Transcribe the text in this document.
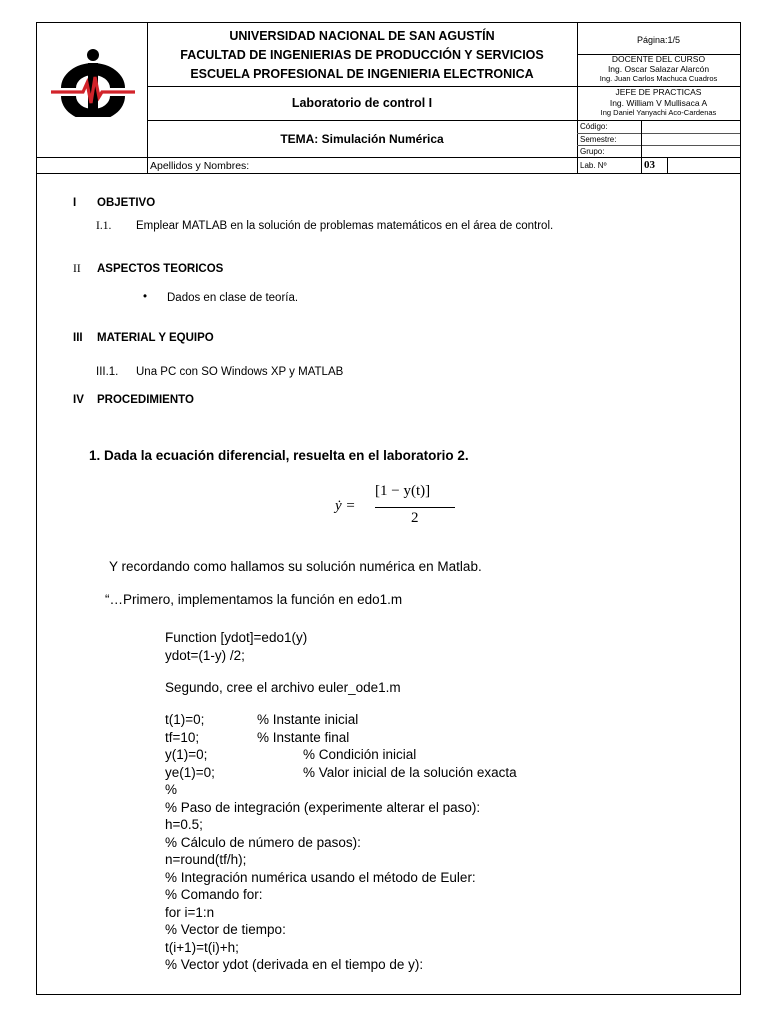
UNIVERSIDAD NACIONAL DE SAN AGUSTÍN
FACULTAD DE INGENIERIAS DE PRODUCCIÓN Y SERVICIOS
ESCUELA PROFESIONAL DE INGENIERIA ELECTRONICA
Laboratorio de control I
TEMA: Simulación Numérica
Apellidos y Nombres:
Página:1/5
DOCENTE DEL CURSO
Ing. Oscar Salazar Alarcón
Ing. Juan Carlos Machuca Cuadros
JEFE DE PRACTICAS
Ing. William V Mullisaca A
Ing Daniel Yanyachi Aco-Cardenas
Código:
Semestre:
Grupo:
Lab. Nº	03
I OBJETIVO
I.1. Emplear MATLAB en la solución de problemas matemáticos en el área de control.
II ASPECTOS TEORICOS
• Dados en clase de teoría.
III MATERIAL Y EQUIPO
III.1. Una PC con SO Windows XP y MATLAB
IV PROCEDIMIENTO
1. Dada la ecuación diferencial, resuelta en el laboratorio 2.
ẏ =
[1 − y(t)]
2
Y recordando como hallamos su solución numérica en Matlab.
“…Primero, implementamos la función en edo1.m
Function [ydot]=edo1(y)
ydot=(1-y) /2;
Segundo, cree el archivo euler_ode1.m
t(1)=0;	% Instante inicial
tf=10;	% Instante final
y(1)=0;	% Condición inicial
ye(1)=0;	% Valor inicial de la solución exacta
%
% Paso de integración (experimente alterar el paso):
h=0.5;
% Cálculo de número de pasos):
n=round(tf/h);
% Integración numérica usando el método de Euler:
% Comando for:
for i=1:n
% Vector de tiempo:
t(i+1)=t(i)+h;
% Vector ydot (derivada en el tiempo de y):
